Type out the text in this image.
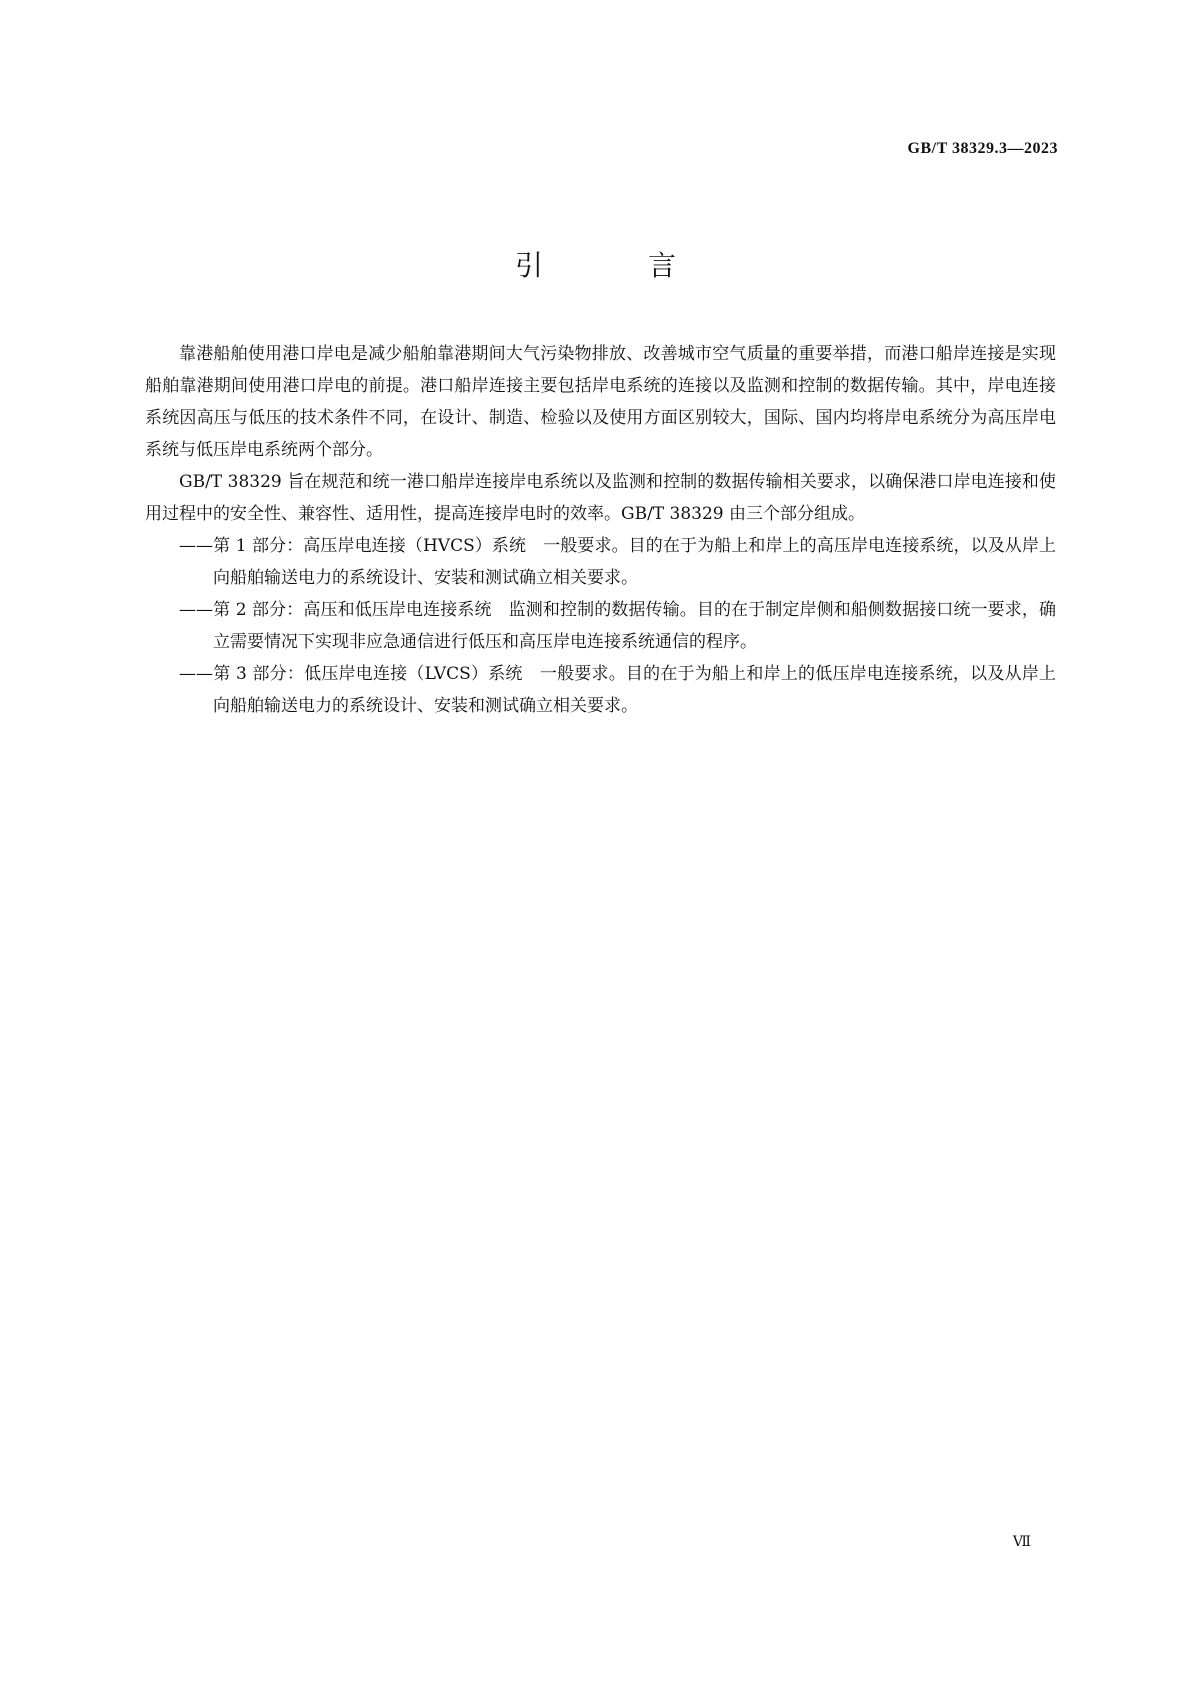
GB/T 38329.3—2023
引 言

靠港船舶使用港口岸电是减少船舶靠港期间大气污染物排放、改善城市空气质量的重要举措，而港口船岸连接是实现船舶靠港期间使用港口岸电的前提。港口船岸连接主要包括岸电系统的连接以及监测和控制的数据传输。其中，岸电连接系统因高压与低压的技术条件不同，在设计、制造、检验以及使用方面区别较大，国际、国内均将岸电系统分为高压岸电系统与低压岸电系统两个部分。

GB/T 38329 旨在规范和统一港口船岸连接岸电系统以及监测和控制的数据传输相关要求，以确保港口岸电连接和使用过程中的安全性、兼容性、适用性，提高连接岸电时的效率。GB/T 38329 由三个部分组成。

——第 1 部分：高压岸电连接（HVCS）系统　一般要求。目的在于为船上和岸上的高压岸电连接系统，以及从岸上向船舶输送电力的系统设计、安装和测试确立相关要求。
——第 2 部分：高压和低压岸电连接系统　监测和控制的数据传输。目的在于制定岸侧和船侧数据接口统一要求，确立需要情况下实现非应急通信进行低压和高压岸电连接系统通信的程序。
——第 3 部分：低压岸电连接（LVCS）系统　一般要求。目的在于为船上和岸上的低压岸电连接系统，以及从岸上向船舶输送电力的系统设计、安装和测试确立相关要求。
Ⅶ
